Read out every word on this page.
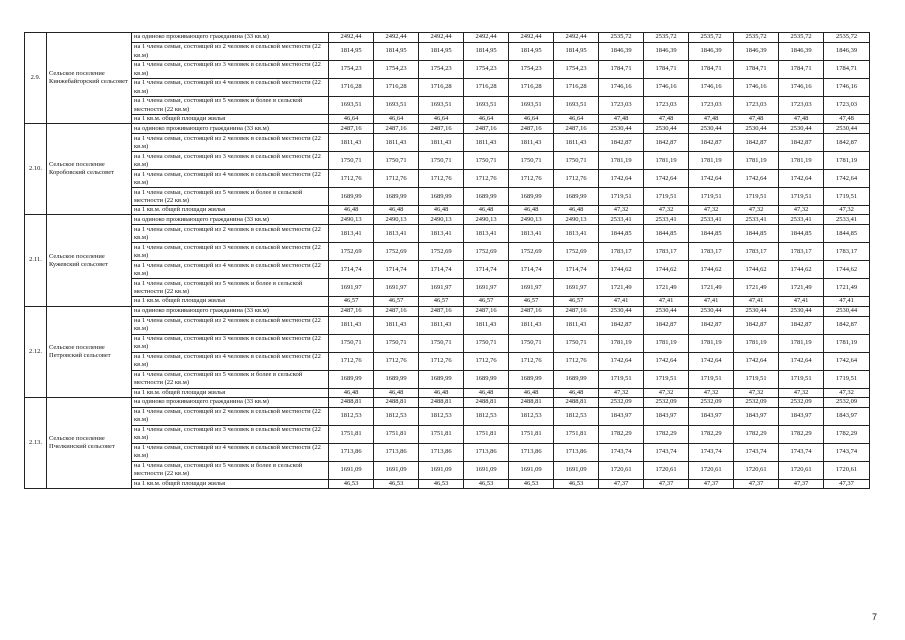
2.9.	Сельское поселение Кинжебайгорский сельсовет	на одиноко проживающего гражданина (33 кв.м)	2492,44	2492,44	2492,44	2492,44	2492,44	2492,44	2535,72	2535,72	2535,72	2535,72	2535,72	2535,72
		на 1 члена семьи, состоящей из 2 человек в сельской местности (22 кв.м)	1814,95	1814,95	1814,95	1814,95	1814,95	1814,95	1846,39	1846,39	1846,39	1846,39	1846,39	1846,39
		на 1 члена семьи, состоящей из 3 человек в сельской местности (22 кв.м)	1754,23	1754,23	1754,23	1754,23	1754,23	1754,23	1784,71	1784,71	1784,71	1784,71	1784,71	1784,71
		на 1 члена семьи, состоящей из 4 человек в сельской местности (22 кв.м)	1716,28	1716,28	1716,28	1716,28	1716,28	1716,28	1746,16	1746,16	1746,16	1746,16	1746,16	1746,16
		на 1 члена семьи, состоящей из 5 человек и более в сельской местности (22 кв.м)	1693,51	1693,51	1693,51	1693,51	1693,51	1693,51	1723,03	1723,03	1723,03	1723,03	1723,03	1723,03
		на 1 кв.м. общей площади жилья	46,64	46,64	46,64	46,64	46,64	46,64	47,48	47,48	47,48	47,48	47,48	47,48
2.10.	Сельское поселение Коробовский сельсовет	на одиноко проживающего гражданина (33 кв.м)	2487,16	2487,16	2487,16	2487,16	2487,16	2487,16	2530,44	2530,44	2530,44	2530,44	2530,44	2530,44
		на 1 члена семьи, состоящей из 2 человек в сельской местности (22 кв.м)	1811,43	1811,43	1811,43	1811,43	1811,43	1811,43	1842,87	1842,87	1842,87	1842,87	1842,87	1842,87
		на 1 члена семьи, состоящей из 3 человек в сельской местности (22 кв.м)	1750,71	1750,71	1750,71	1750,71	1750,71	1750,71	1781,19	1781,19	1781,19	1781,19	1781,19	1781,19
		на 1 члена семьи, состоящей из 4 человек в сельской местности (22 кв.м)	1712,76	1712,76	1712,76	1712,76	1712,76	1712,76	1742,64	1742,64	1742,64	1742,64	1742,64	1742,64
		на 1 члена семьи, состоящей из 5 человек и более в сельской местности (22 кв.м)	1689,99	1689,99	1689,99	1689,99	1689,99	1689,99	1719,51	1719,51	1719,51	1719,51	1719,51	1719,51
		на 1 кв.м. общей площади жилья	46,48	46,48	46,48	46,48	46,48	46,48	47,32	47,32	47,32	47,32	47,32	47,32
2.11.	Сельское поселение Кужевский сельсовет	на одиноко проживающего гражданина (33 кв.м)	2490,13	2490,13	2490,13	2490,13	2490,13	2490,13	2533,41	2533,41	2533,41	2533,41	2533,41	2533,41
		на 1 члена семьи, состоящей из 2 человек в сельской местности (22 кв.м)	1813,41	1813,41	1813,41	1813,41	1813,41	1813,41	1844,85	1844,85	1844,85	1844,85	1844,85	1844,85
		на 1 члена семьи, состоящей из 3 человек в сельской местности (22 кв.м)	1752,69	1752,69	1752,69	1752,69	1752,69	1752,69	1783,17	1783,17	1783,17	1783,17	1783,17	1783,17
		на 1 члена семьи, состоящей из 4 человек в сельской местности (22 кв.м)	1714,74	1714,74	1714,74	1714,74	1714,74	1714,74	1744,62	1744,62	1744,62	1744,62	1744,62	1744,62
		на 1 члена семьи, состоящей из 5 человек и более в сельской местности (22 кв.м)	1691,97	1691,97	1691,97	1691,97	1691,97	1691,97	1721,49	1721,49	1721,49	1721,49	1721,49	1721,49
		на 1 кв.м. общей площади жилья	46,57	46,57	46,57	46,57	46,57	46,57	47,41	47,41	47,41	47,41	47,41	47,41
2.12.	Сельское поселение Петровский сельсовет	на одиноко проживающего гражданина (33 кв.м)	2487,16	2487,16	2487,16	2487,16	2487,16	2487,16	2530,44	2530,44	2530,44	2530,44	2530,44	2530,44
		на 1 члена семьи, состоящей из 2 человек в сельской местности (22 кв.м)	1811,43	1811,43	1811,43	1811,43	1811,43	1811,43	1842,87	1842,87	1842,87	1842,87	1842,87	1842,87
		на 1 члена семьи, состоящей из 3 человек в сельской местности (22 кв.м)	1750,71	1750,71	1750,71	1750,71	1750,71	1750,71	1781,19	1781,19	1781,19	1781,19	1781,19	1781,19
		на 1 члена семьи, состоящей из 4 человек в сельской местности (22 кв.м)	1712,76	1712,76	1712,76	1712,76	1712,76	1712,76	1742,64	1742,64	1742,64	1742,64	1742,64	1742,64
		на 1 члена семьи, состоящей из 5 человек и более в сельской местности (22 кв.м)	1689,99	1689,99	1689,99	1689,99	1689,99	1689,99	1719,51	1719,51	1719,51	1719,51	1719,51	1719,51
		на 1 кв.м. общей площади жилья	46,48	46,48	46,48	46,48	46,48	46,48	47,32	47,32	47,32	47,32	47,32	47,32
2.13.	Сельское поселение Пчелкинский сельсовет	на одиноко проживающего гражданина (33 кв.м)	2488,81	2488,81	2488,81	2488,81	2488,81	2488,81	2532,09	2532,09	2532,09	2532,09	2532,09	2532,09
		на 1 члена семьи, состоящей из 2 человек в сельской местности (22 кв.м)	1812,53	1812,53	1812,53	1812,53	1812,53	1812,53	1843,97	1843,97	1843,97	1843,97	1843,97	1843,97
		на 1 члена семьи, состоящей из 3 человек в сельской местности (22 кв.м)	1751,81	1751,81	1751,81	1751,81	1751,81	1751,81	1782,29	1782,29	1782,29	1782,29	1782,29	1782,29
		на 1 члена семьи, состоящей из 4 человек в сельской местности (22 кв.м)	1713,86	1713,86	1713,86	1713,86	1713,86	1713,86	1743,74	1743,74	1743,74	1743,74	1743,74	1743,74
		на 1 члена семьи, состоящей из 5 человек и более в сельской местности (22 кв.м)	1691,09	1691,09	1691,09	1691,09	1691,09	1691,09	1720,61	1720,61	1720,61	1720,61	1720,61	1720,61
		на 1 кв.м. общей площади жилья	46,53	46,53	46,53	46,53	46,53	46,53	47,37	47,37	47,37	47,37	47,37	47,37
7
